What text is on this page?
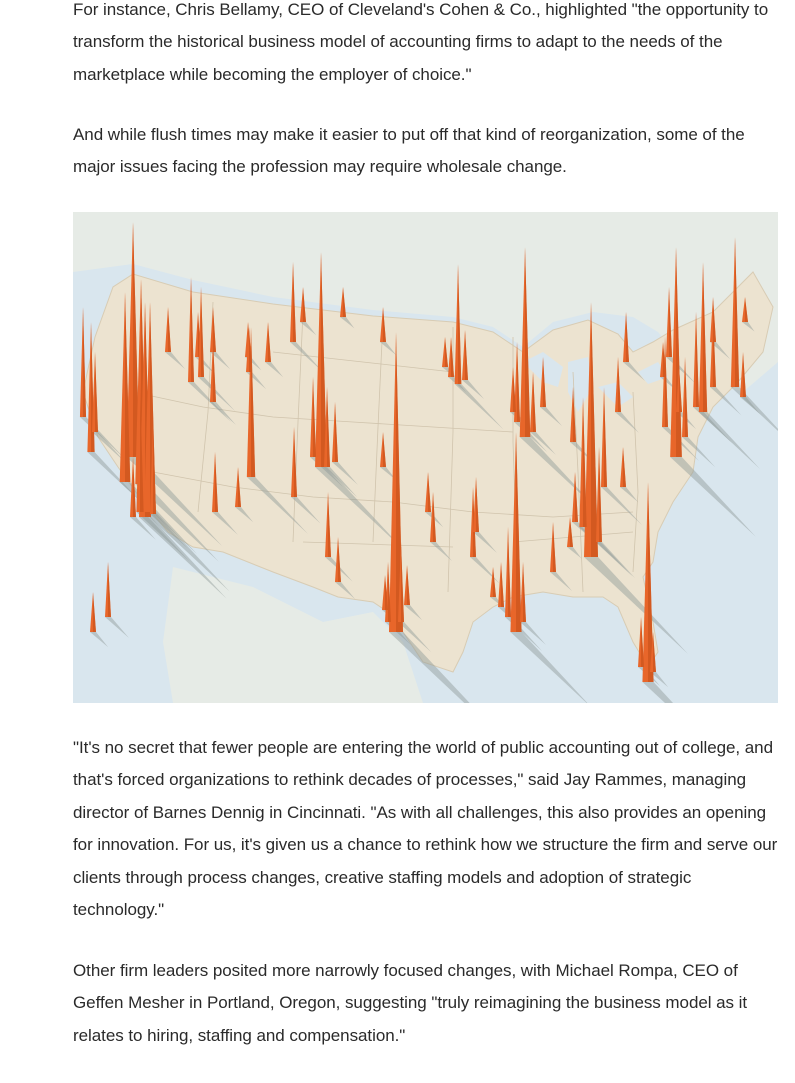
For instance, Chris Bellamy, CEO of Cleveland's Cohen & Co., highlighted "the opportunity to transform the historical business model of accounting firms to adapt to the needs of the marketplace while becoming the employer of choice."

And while flush times may make it easier to put off that kind of reorganization, some of the major issues facing the profession may require wholesale change.

"It's no secret that fewer people are entering the world of public accounting out of college, and that's forced organizations to rethink decades of processes," said Jay Rammes, managing director of Barnes Dennig in Cincinnati. "As with all challenges, this also provides an opening for innovation. For us, it's given us a chance to rethink how we structure the firm and serve our clients through process changes, creative staffing models and adoption of strategic technology."

Other firm leaders posited more narrowly focused changes, with Michael Rompa, CEO of Geffen Mesher in Portland, Oregon, suggesting "truly reimagining the business model as it relates to hiring, staffing and compensation."
